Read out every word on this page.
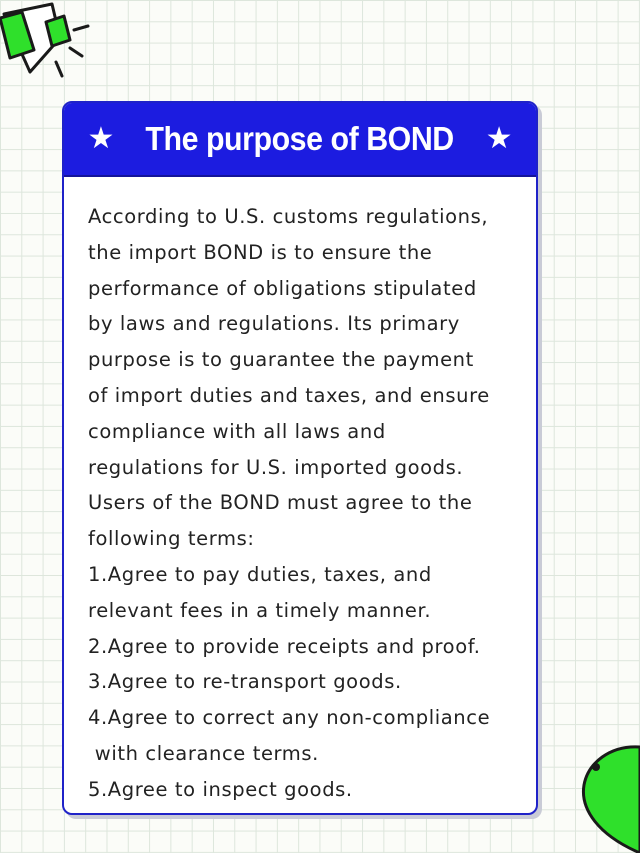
★ The purpose of BOND ★
According to U.S. customs regulations,
the import BOND is to ensure the
performance of obligations stipulated
by laws and regulations. Its primary
purpose is to guarantee the payment
of import duties and taxes, and ensure
compliance with all laws and
regulations for U.S. imported goods.
Users of the BOND must agree to the
following terms:
1.Agree to pay duties, taxes, and
relevant fees in a timely manner.
2.Agree to provide receipts and proof.
3.Agree to re-transport goods.
4.Agree to correct any non-compliance
with clearance terms.
5.Agree to inspect goods.
